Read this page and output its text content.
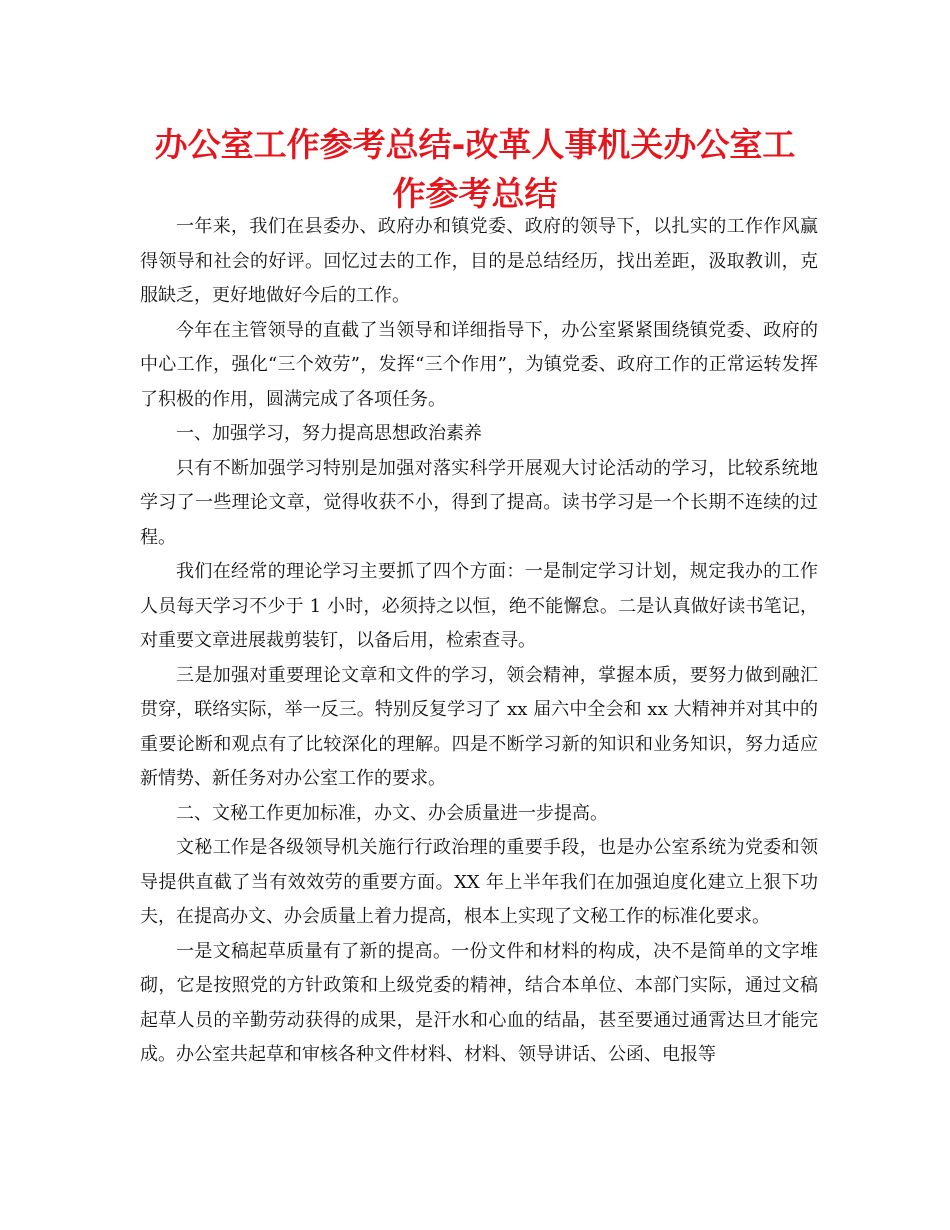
办公室工作参考总结-改革人事机关办公室工作参考总结

一年来，我们在县委办、政府办和镇党委、政府的领导下，以扎实的工作作风赢得领导和社会的好评。回忆过去的工作，目的是总结经历，找出差距，汲取教训，克服缺乏，更好地做好今后的工作。

今年在主管领导的直截了当领导和详细指导下，办公室紧紧围绕镇党委、政府的中心工作，强化“三个效劳”，发挥“三个作用”，为镇党委、政府工作的正常运转发挥了积极的作用，圆满完成了各项任务。

一、加强学习，努力提高思想政治素养

只有不断加强学习特别是加强对落实科学开展观大讨论活动的学习，比较系统地学习了一些理论文章，觉得收获不小，得到了提高。读书学习是一个长期不连续的过程。

我们在经常的理论学习主要抓了四个方面：一是制定学习计划，规定我办的工作人员每天学习不少于 1 小时，必须持之以恒，绝不能懈怠。二是认真做好读书笔记，对重要文章进展裁剪装钉，以备后用，检索查寻。

三是加强对重要理论文章和文件的学习，领会精神，掌握本质，要努力做到融汇贯穿，联络实际，举一反三。特别反复学习了 xx 届六中全会和 xx 大精神并对其中的重要论断和观点有了比较深化的理解。四是不断学习新的知识和业务知识，努力适应新情势、新任务对办公室工作的要求。

二、文秘工作更加标准，办文、办会质量进一步提高。

文秘工作是各级领导机关施行行政治理的重要手段，也是办公室系统为党委和领导提供直截了当有效效劳的重要方面。XX 年上半年我们在加强迫度化建立上狠下功夫，在提高办文、办会质量上着力提高，根本上实现了文秘工作的标准化要求。

一是文稿起草质量有了新的提高。一份文件和材料的构成，决不是简单的文字堆砌，它是按照党的方针政策和上级党委的精神，结合本单位、本部门实际，通过文稿起草人员的辛勤劳动获得的成果，是汗水和心血的结晶，甚至要通过通霄达旦才能完成。办公室共起草和审核各种文件材料、材料、领导讲话、公函、电报等
